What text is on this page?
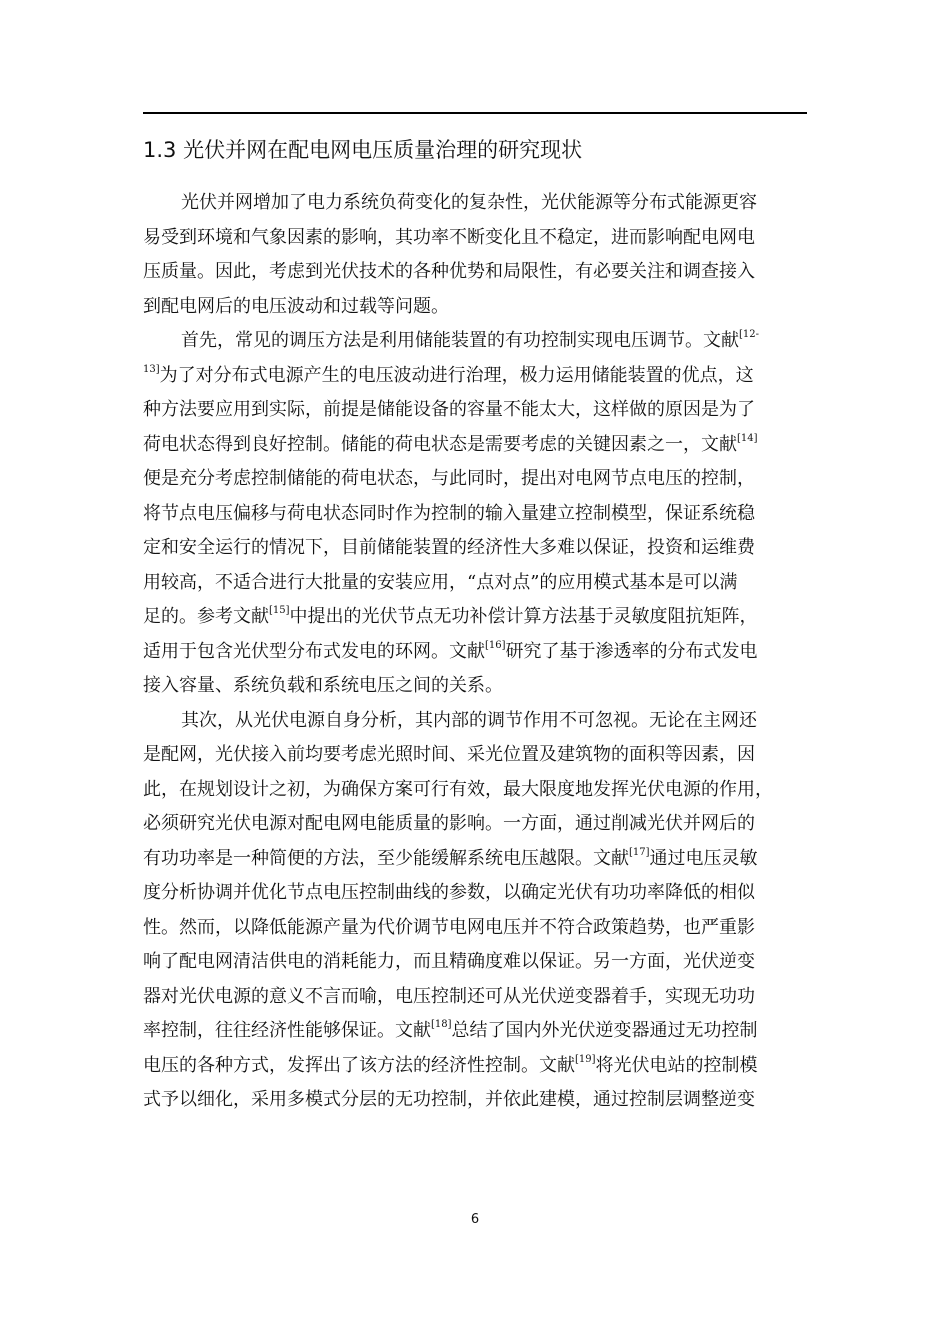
1.3 光伏并网在配电网电压质量治理的研究现状
光伏并网增加了电力系统负荷变化的复杂性，光伏能源等分布式能源更容
易受到环境和气象因素的影响，其功率不断变化且不稳定，进而影响配电网电
压质量。因此，考虑到光伏技术的各种优势和局限性，有必要关注和调查接入
到配电网后的电压波动和过载等问题。
首先，常见的调压方法是利用储能装置的有功控制实现电压调节。文献$^{[12-}$
$^{13]}$为了对分布式电源产生的电压波动进行治理，极力运用储能装置的优点，这
种方法要应用到实际，前提是储能设备的容量不能太大，这样做的原因是为了
荷电状态得到良好控制。储能的荷电状态是需要考虑的关键因素之一，文献[14]
便是充分考虑控制储能的荷电状态，与此同时，提出对电网节点电压的控制，
将节点电压偏移与荷电状态同时作为控制的输入量建立控制模型，保证系统稳
定和安全运行的情况下，目前储能装置的经济性大多难以保证，投资和运维费
用较高，不适合进行大批量的安装应用，“点对点”的应用模式基本是可以满
足的。参考文献[15]中提出的光伏节点无功补偿计算方法基于灵敏度阻抗矩阵，
适用于包含光伏型分布式发电的环网。文献[16]研究了基于渗透率的分布式发电
接入容量、系统负载和系统电压之间的关系。
其次，从光伏电源自身分析，其内部的调节作用不可忽视。无论在主网还
是配网，光伏接入前均要考虑光照时间、采光位置及建筑物的面积等因素，因
此，在规划设计之初，为确保方案可行有效，最大限度地发挥光伏电源的作用，
必须研究光伏电源对配电网电能质量的影响。一方面，通过削减光伏并网后的
有功功率是一种简便的方法，至少能缓解系统电压越限。文献[17]通过电压灵敏
度分析协调并优化节点电压控制曲线的参数，以确定光伏有功功率降低的相似
性。然而，以降低能源产量为代价调节电网电压并不符合政策趋势，也严重影
响了配电网清洁供电的消耗能力，而且精确度难以保证。另一方面，光伏逆变
器对光伏电源的意义不言而喻，电压控制还可从光伏逆变器着手，实现无功功
率控制，往往经济性能够保证。文献[18]总结了国内外光伏逆变器通过无功控制
电压的各种方式，发挥出了该方法的经济性控制。文献[19]将光伏电站的控制模
式予以细化，采用多模式分层的无功控制，并依此建模，通过控制层调整逆变
6
